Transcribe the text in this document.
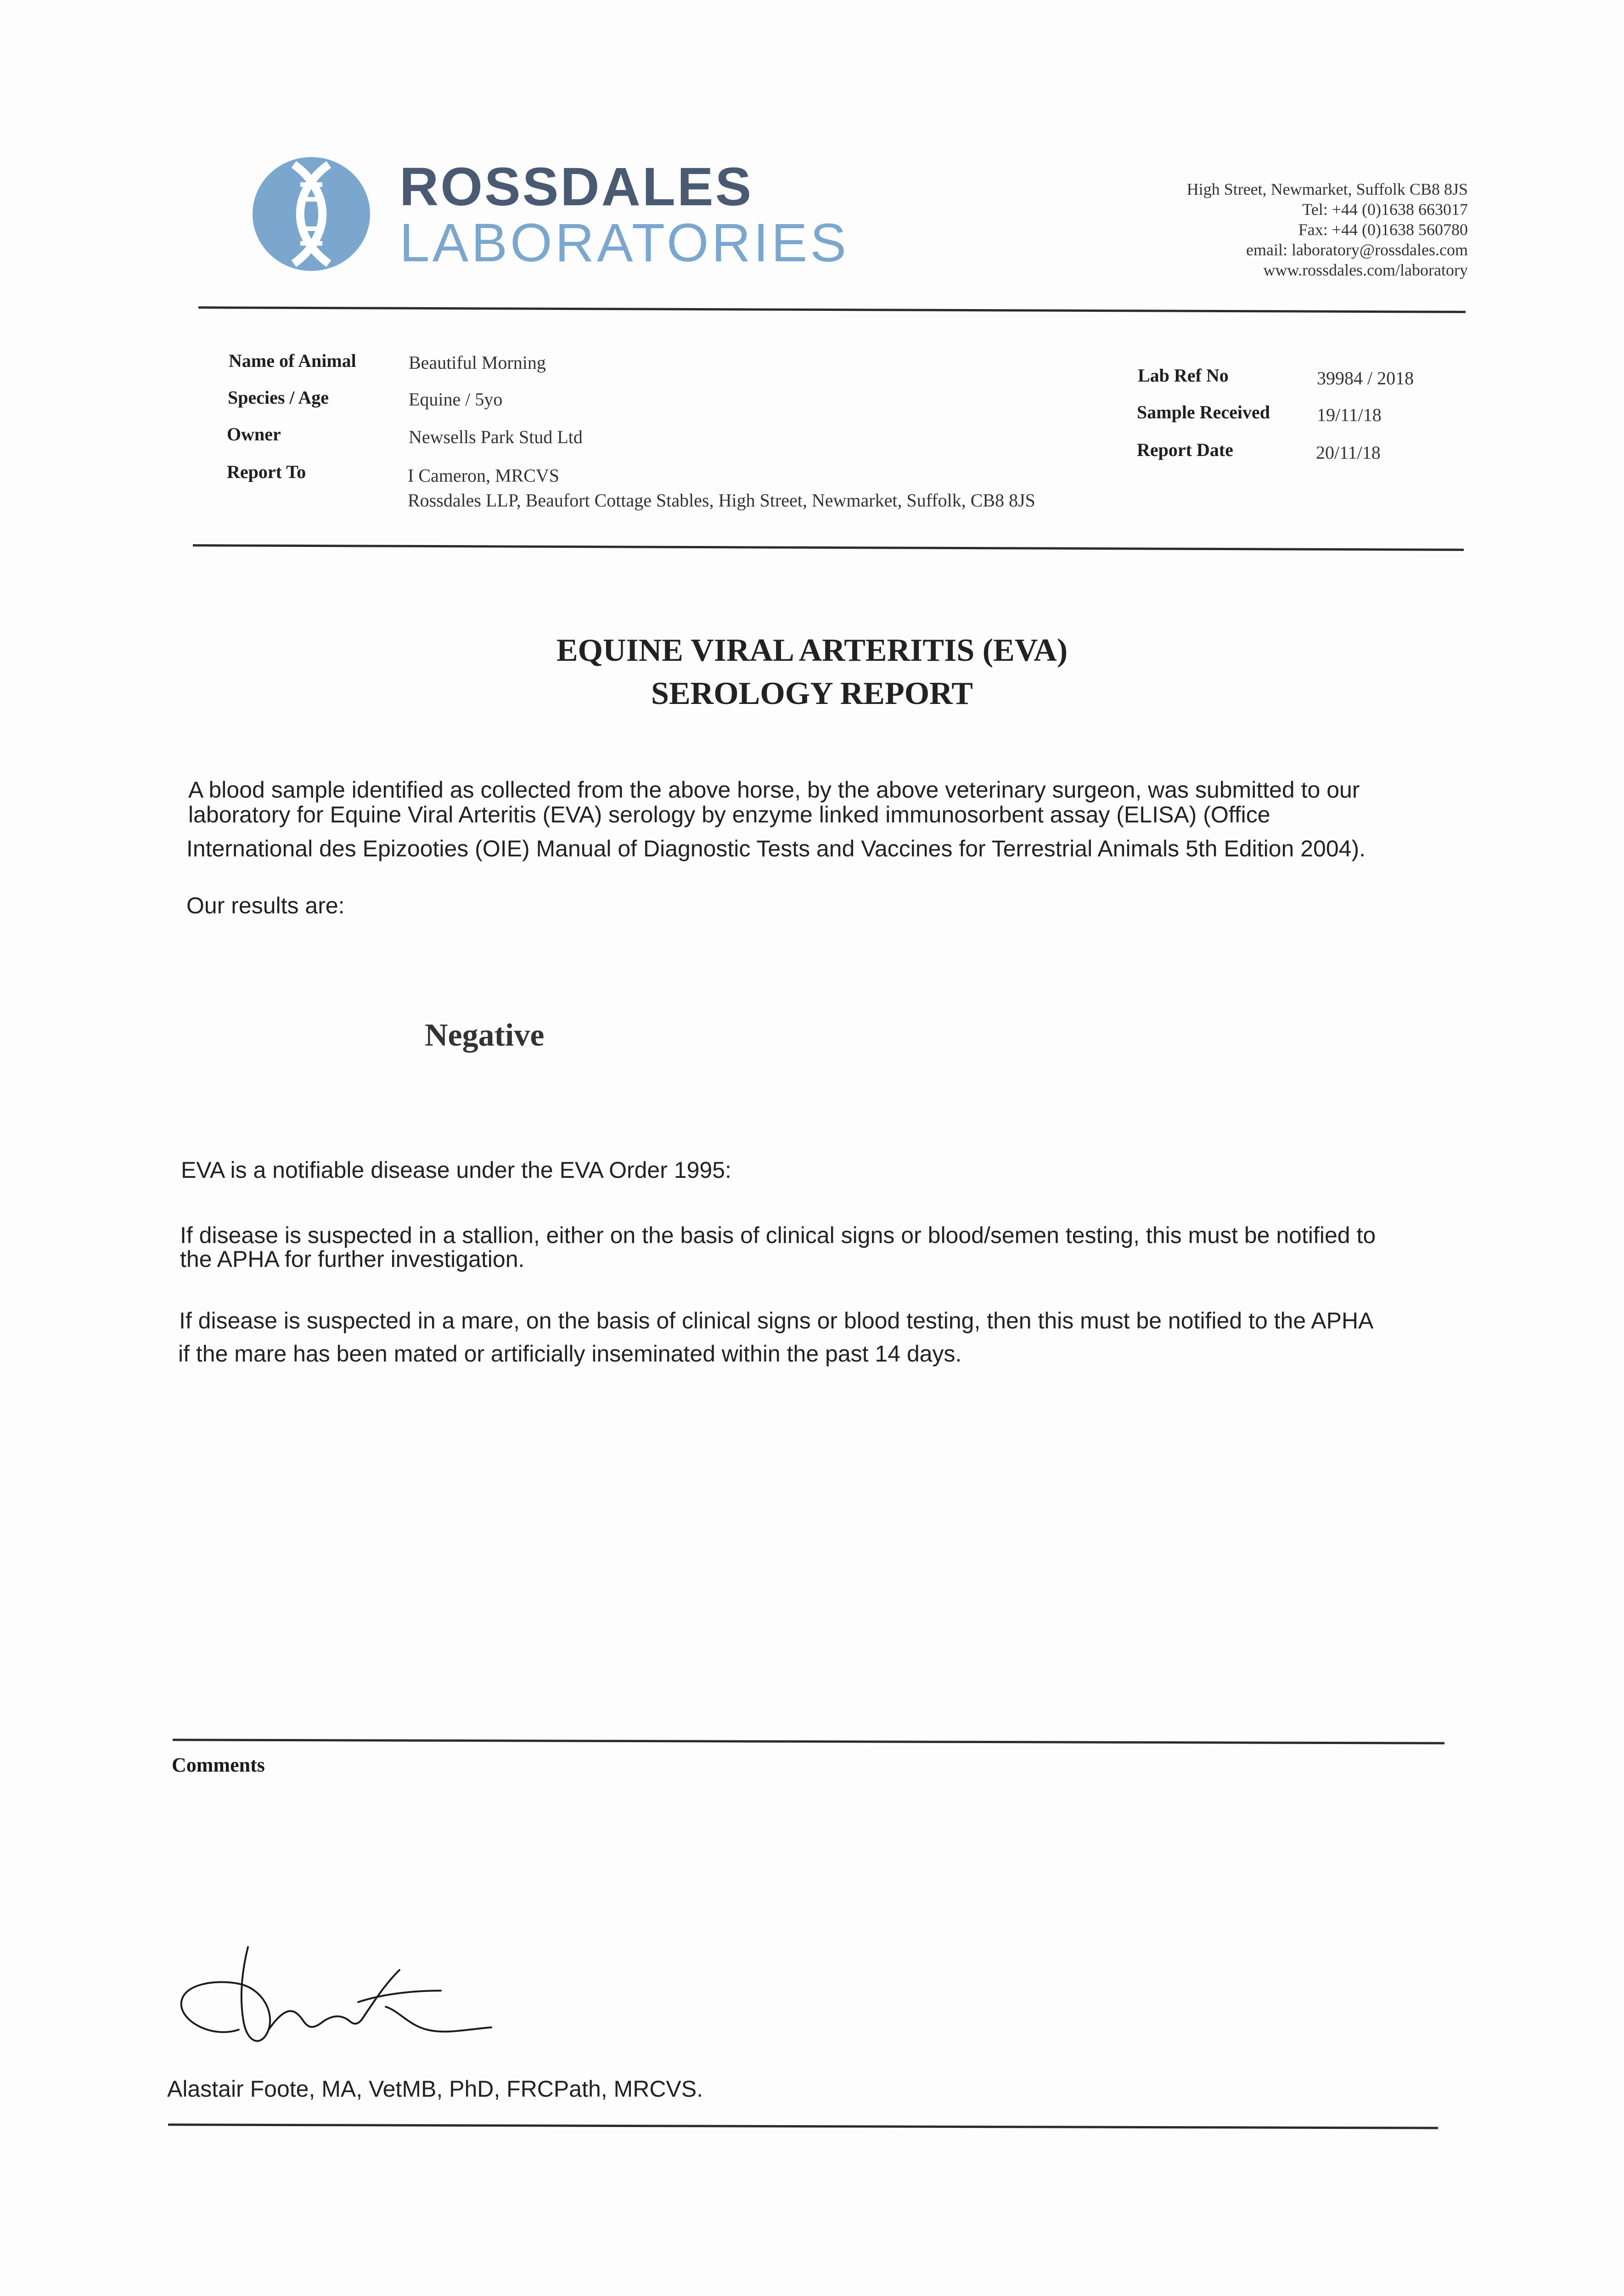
ROSSDALES
LABORATORIES
High Street, Newmarket, Suffolk CB8 8JS
Tel: +44 (0)1638 663017
Fax: +44 (0)1638 560780
email: laboratory@rossdales.com
www.rossdales.com/laboratory
Name of Animal	Beautiful Morning
Species / Age	Equine / 5yo
Owner	Newsells Park Stud Ltd
Report To	I Cameron, MRCVS
Rossdales LLP, Beaufort Cottage Stables, High Street, Newmarket, Suffolk, CB8 8JS
Lab Ref No	39984 / 2018
Sample Received	19/11/18
Report Date	20/11/18
EQUINE VIRAL ARTERITIS (EVA)
SEROLOGY REPORT
A blood sample identified as collected from the above horse, by the above veterinary surgeon, was submitted to our
laboratory for Equine Viral Arteritis (EVA) serology by enzyme linked immunosorbent assay (ELISA) (Office
International des Epizooties (OIE) Manual of Diagnostic Tests and Vaccines for Terrestrial Animals 5th Edition 2004).
Our results are:
Negative
EVA is a notifiable disease under the EVA Order 1995:
If disease is suspected in a stallion, either on the basis of clinical signs or blood/semen testing, this must be notified to
the APHA for further investigation.
If disease is suspected in a mare, on the basis of clinical signs or blood testing, then this must be notified to the APHA
if the mare has been mated or artificially inseminated within the past 14 days.
Comments
Alastair Foote, MA, VetMB, PhD, FRCPath, MRCVS.
